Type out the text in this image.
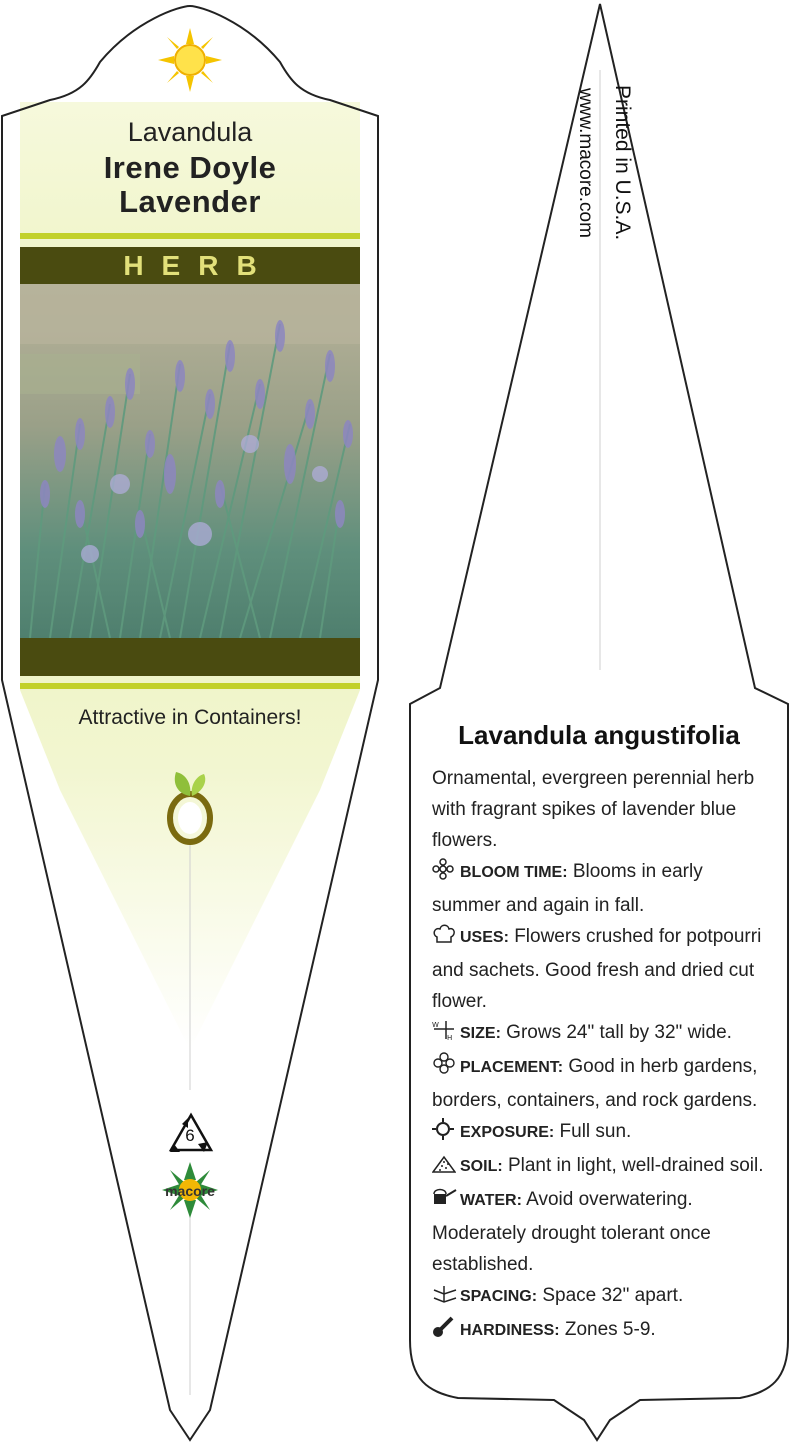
Lavandula
Irene Doyle
Lavender
HERB
Attractive in Containers!
6
macore
Printed in U.S.A.
www.macore.com
Lavandula angustifolia

Ornamental, evergreen perennial herb with fragrant spikes of lavender blue flowers.

BLOOM TIME: Blooms in early summer and again in fall.

USES: Flowers crushed for potpourri and sachets. Good fresh and dried cut flower.

W
H SIZE: Grows 24" tall by 32" wide.

PLACEMENT: Good in herb gardens, borders, containers, and rock gardens.

EXPOSURE: Full sun.

SOIL: Plant in light, well-drained soil.

WATER: Avoid overwatering. Moderately drought tolerant once established.

SPACING: Space 32" apart.

HARDINESS: Zones 5-9.
